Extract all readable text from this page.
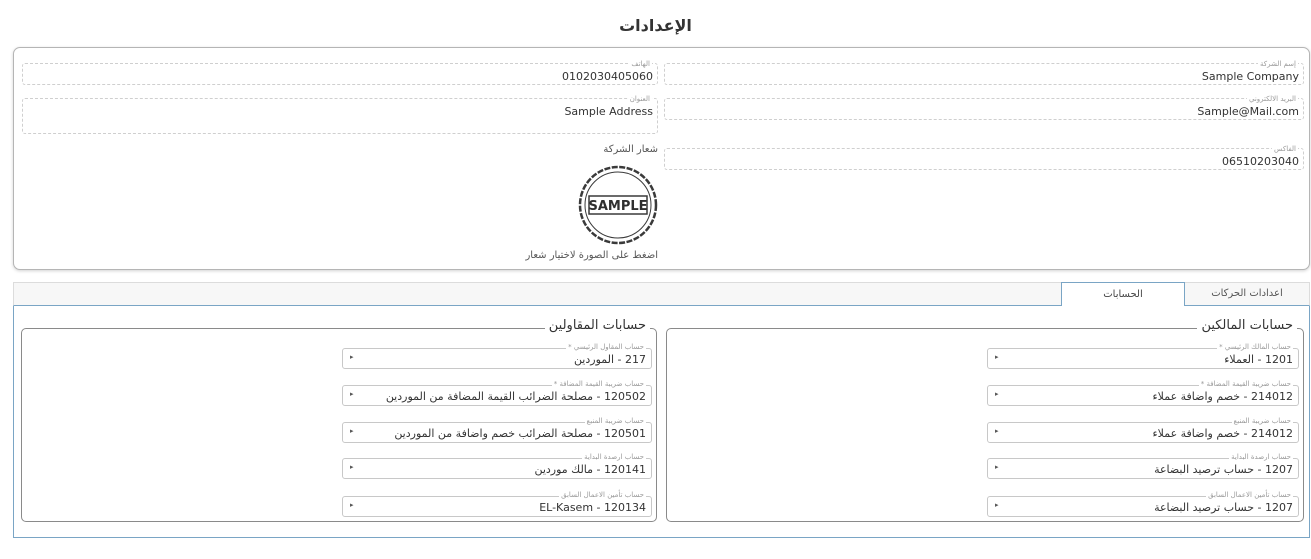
الإعدادات
إسم الشركة
Sample Company
الهاتف
0102030405060
البريد الالكتروني
Sample@Mail.com
العنوان
Sample Address
الفاكس
06510203040
شعار الشركة
SAMPLE
اضغط على الصورة لاختيار شعار
اعدادات الحركات
الحسابات
حسابات المالكين
حساب المالك الرئيسي *
1201 - العملاء
▸
حساب ضريبة القيمة المضافة *
214012 - خصم واضافة عملاء
▸
حساب ضريبة المنبع
214012 - خصم واضافة عملاء
▸
حساب ارصدة البداية
1207 - حساب ترصيد البضاعة
▸
حساب تأمين الاعمال السابق
1207 - حساب ترصيد البضاعة
▸
حسابات المقاولين
حساب المقاول الرئيسي *
217 - الموردين
▸
حساب ضريبة القيمة المضافة *
120502 - مصلحة الضرائب القيمة المضافة من الموردين
▸
حساب ضريبة المنبع
120501 - مصلحة الضرائب خصم واضافة من الموردين
▸
حساب ارصدة البداية
120141 - مالك موردين
▸
حساب تأمين الاعمال السابق
EL-Kasem - 120134
▸
